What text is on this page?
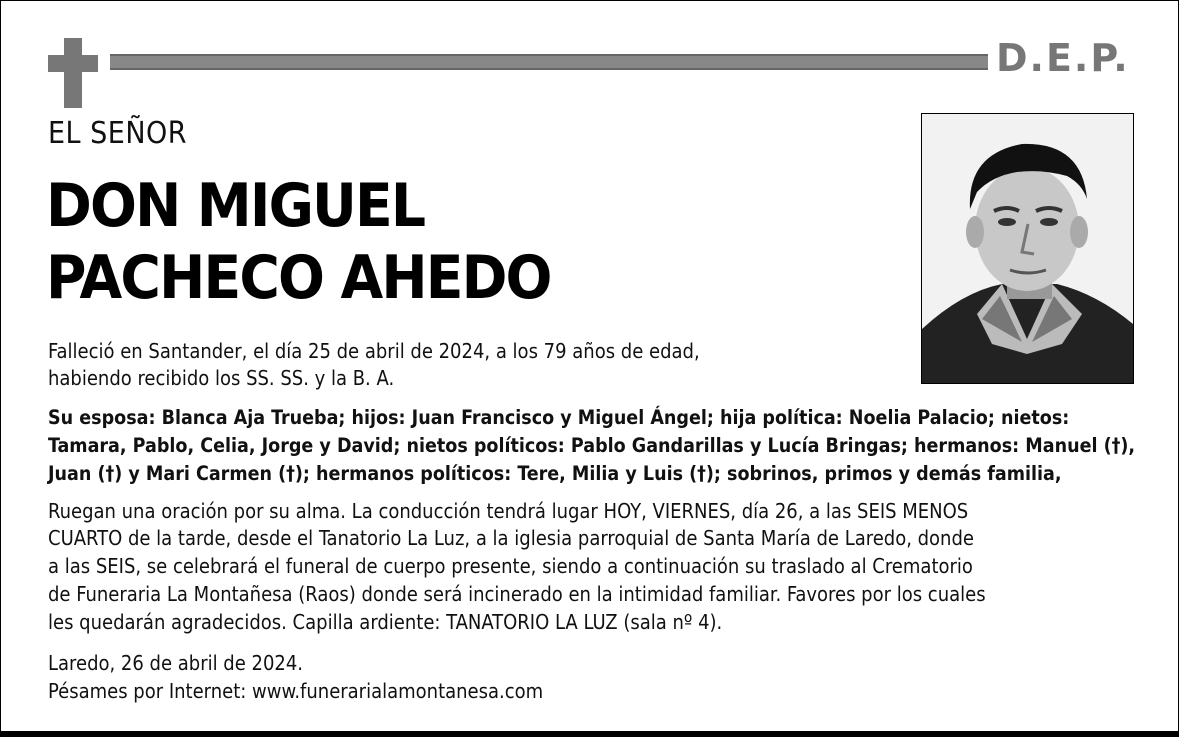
D.E.P.
EL SEÑOR
DON MIGUEL
PACHECO AHEDO
Falleció en Santander, el día 25 de abril de 2024, a los 79 años de edad,
habiendo recibido los SS. SS. y la B. A.
Su esposa: Blanca Aja Trueba; hijos: Juan Francisco y Miguel Ángel; hija política: Noelia Palacio; nietos:
Tamara, Pablo, Celia, Jorge y David; nietos políticos: Pablo Gandarillas y Lucía Bringas; hermanos: Manuel (†),
Juan (†) y Mari Carmen (†); hermanos políticos: Tere, Milia y Luis (†); sobrinos, primos y demás familia,
Ruegan una oración por su alma. La conducción tendrá lugar HOY, VIERNES, día 26, a las SEIS MENOS
CUARTO de la tarde, desde el Tanatorio La Luz, a la iglesia parroquial de Santa María de Laredo, donde
a las SEIS, se celebrará el funeral de cuerpo presente, siendo a continuación su traslado al Crematorio
de Funeraria La Montañesa (Raos) donde será incinerado en la intimidad familiar. Favores por los cuales
les quedarán agradecidos. Capilla ardiente: TANATORIO LA LUZ (sala nº 4).
Laredo, 26 de abril de 2024.
Pésames por Internet: www.funerarialamontanesa.com
